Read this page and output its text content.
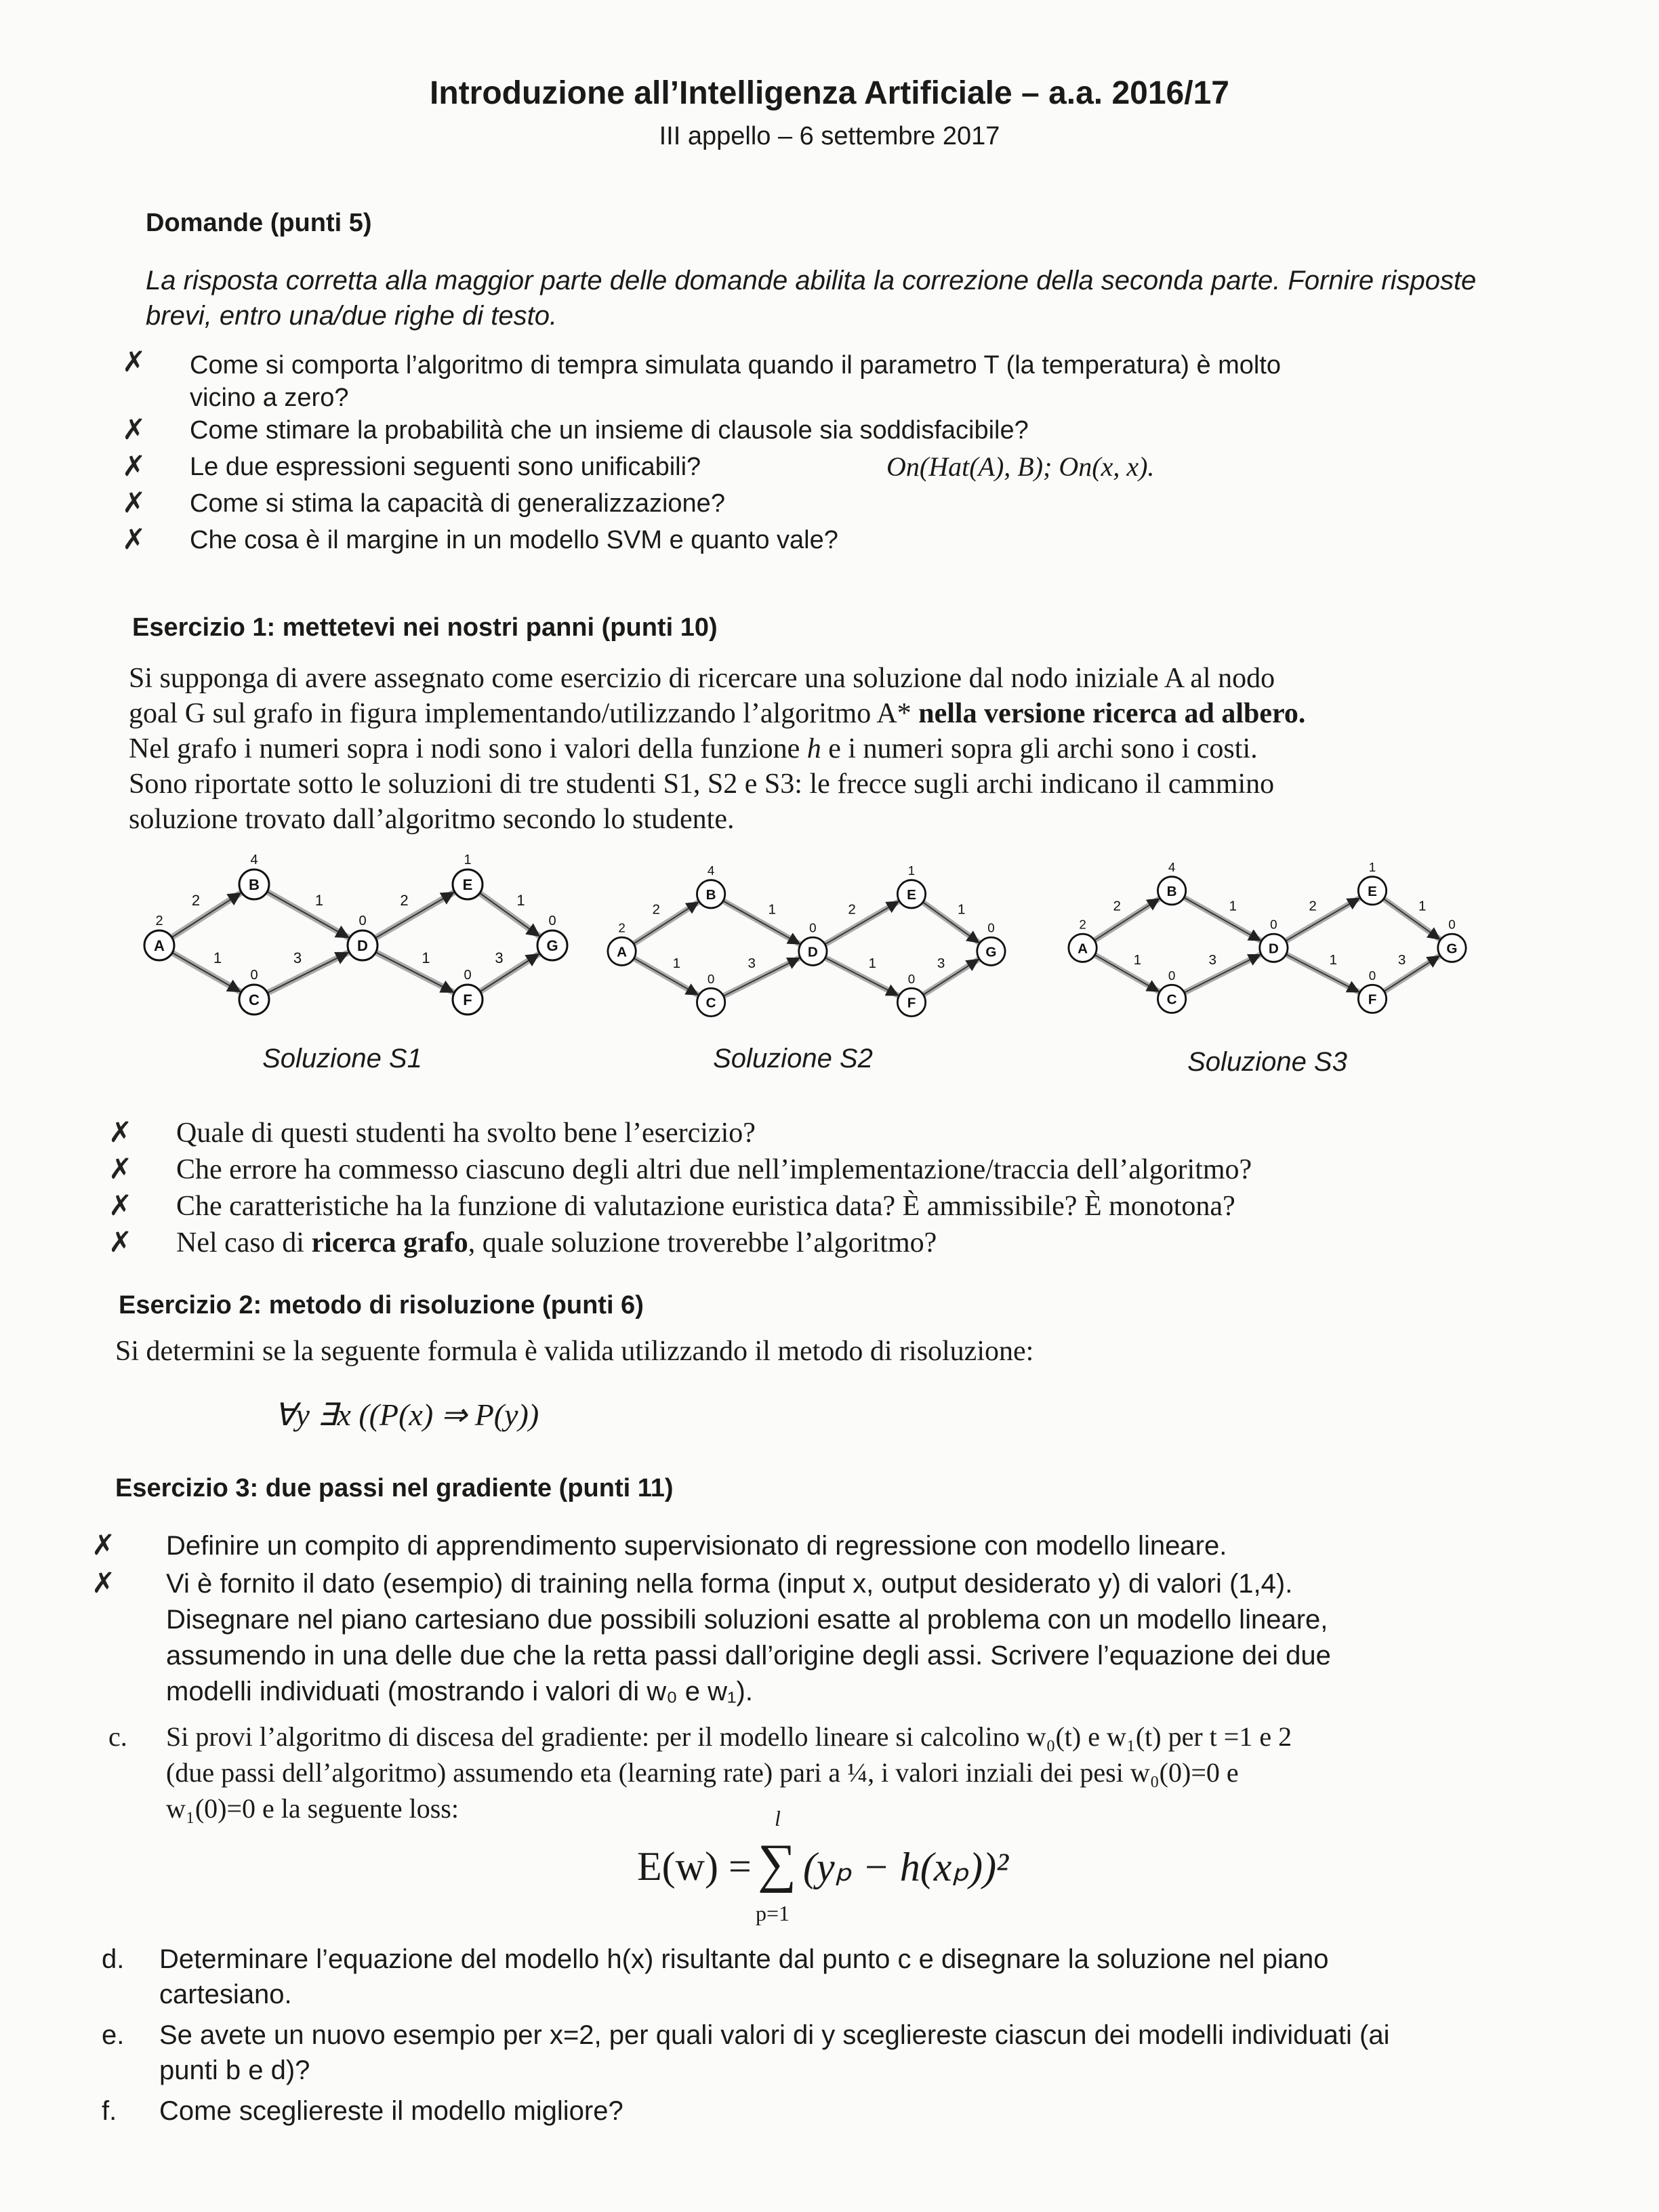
Introduzione all’Intelligenza Artificiale – a.a. 2016/17
III appello – 6 settembre 2017
Domande (punti 5)
La risposta corretta alla maggior parte delle domande abilita la correzione della seconda parte. Fornire risposte brevi, entro una/due righe di testo.
✗ Come si comporta l’algoritmo di tempra simulata quando il parametro T (la temperatura) è molto
vicino a zero?
✗ Come stimare la probabilità che un insieme di clausole sia soddisfacibile?
✗ Le due espressioni seguenti sono unificabili?	On(Hat(A), B); On(x, x).
✗ Come si stima la capacità di generalizzazione?
✗ Che cosa è il margine in un modello SVM e quanto vale?
Esercizio 1: mettetevi nei nostri panni (punti 10)
Si supponga di avere assegnato come esercizio di ricercare una soluzione dal nodo iniziale A al nodo
goal G sul grafo in figura implementando/utilizzando l’algoritmo A* nella versione ricerca ad albero.
Nel grafo i numeri sopra i nodi sono i valori della funzione h e i numeri sopra gli archi sono i costi.
Sono riportate sotto le soluzioni di tre studenti S1, S2 e S3: le frecce sugli archi indicano il cammino
soluzione trovato dall’algoritmo secondo lo studente.
2
1
1
3
2
1
1
3
A
2
B
4
C
0
D
0
E
1
F
0
G
0
2
1
1
3
2
1
1
3
A
2
B
4
C
0
D
0
E
1
F
0
G
0
2
1
1
3
2
1
1
3
A
2
B
4
C
0
D
0
E
1
F
0
G
0
Soluzione S1	Soluzione S2	Soluzione S3
✗ Quale di questi studenti ha svolto bene l’esercizio?
✗ Che errore ha commesso ciascuno degli altri due nell’implementazione/traccia dell’algoritmo?
✗ Che caratteristiche ha la funzione di valutazione euristica data? È ammissibile? È monotona?
✗ Nel caso di ricerca grafo, quale soluzione troverebbe l’algoritmo?
Esercizio 2: metodo di risoluzione (punti 6)
Si determini se la seguente formula è valida utilizzando il metodo di risoluzione:
∀y ∃x ((P(x) ⇒ P(y))
Esercizio 3: due passi nel gradiente (punti 11)
✗ Definire un compito di apprendimento supervisionato di regressione con modello lineare.
✗ Vi è fornito il dato (esempio) di training nella forma (input x, output desiderato y) di valori (1,4).
Disegnare nel piano cartesiano due possibili soluzioni esatte al problema con un modello lineare,
assumendo in una delle due che la retta passi dall’origine degli assi. Scrivere l’equazione dei due
modelli individuati (mostrando i valori di w₀ e w₁).
c. Si provi l’algoritmo di discesa del gradiente: per il modello lineare si calcolino w₀(t) e w₁(t) per t =1 e 2
(due passi dell’algoritmo) assumendo eta (learning rate) pari a ¼, i valori inziali dei pesi w₀(0)=0 e
w₁(0)=0 e la seguente loss:
E(w) = ∑
l
p=1
(yₚ − h(xₚ))²
d. Determinare l’equazione del modello h(x) risultante dal punto c e disegnare la soluzione nel piano
cartesiano.
e. Se avete un nuovo esempio per x=2, per quali valori di y scegliereste ciascun dei modelli individuati (ai
punti b e d)?
f. Come scegliereste il modello migliore?
